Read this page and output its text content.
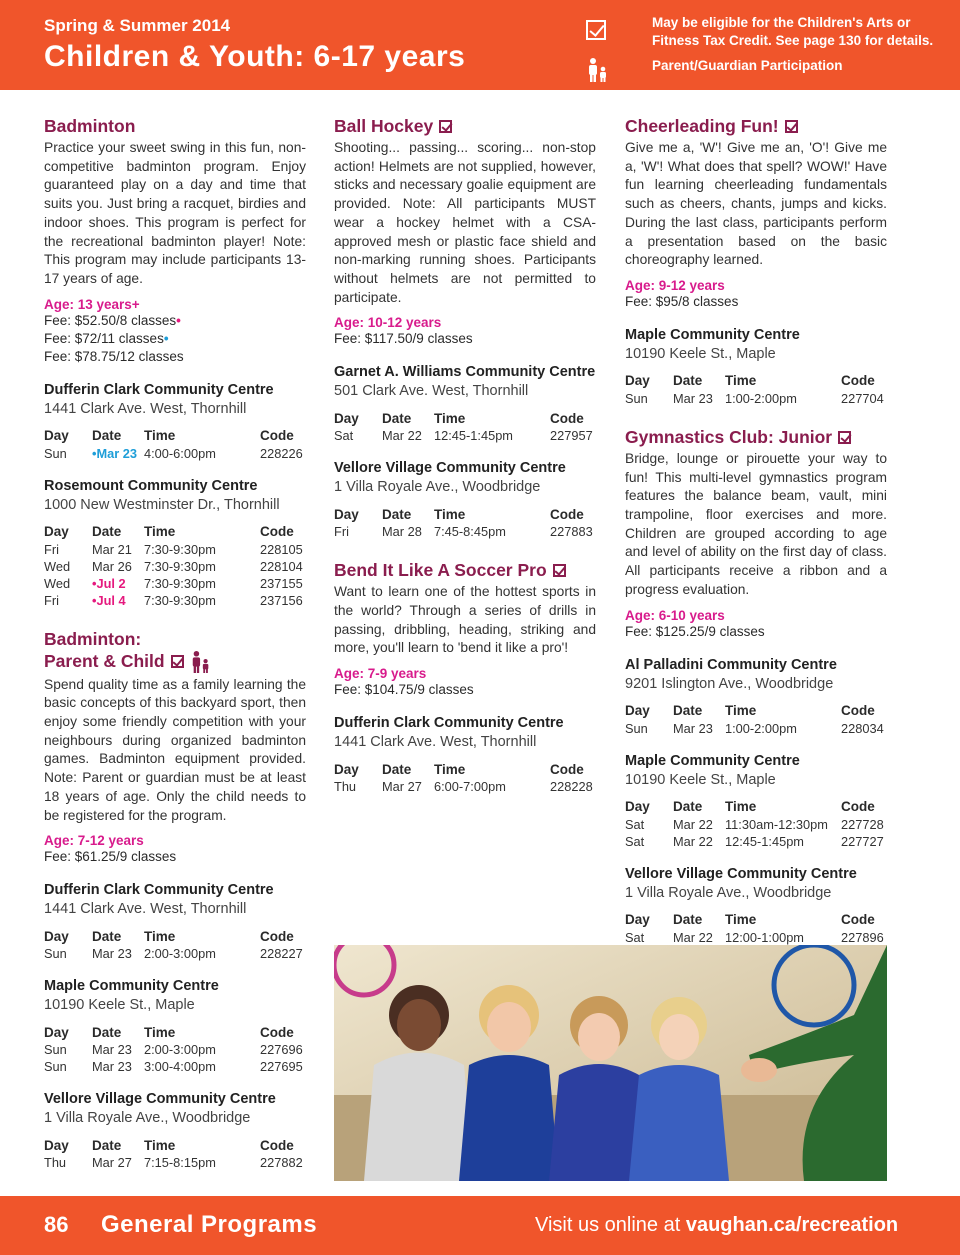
Spring & Summer 2014
Children & Youth: 6-17 years

May be eligible for the Children's Arts or Fitness Tax Credit. See page 130 for details.
Parent/Guardian Participation
Badminton
Practice your sweet swing in this fun, non-competitive badminton program. Enjoy guaranteed play on a day and time that suits you. Just bring a racquet, birdies and indoor shoes. This program is perfect for the recreational badminton player! Note: This program may include participants 13-17 years of age.
Age: 13 years+
Fee: $52.50/8 classes•
Fee: $72/11 classes•
Fee: $78.75/12 classes
Dufferin Clark Community Centre
1441 Clark Ave. West, Thornhill
Day	Date	Time	Code
Sun	•Mar 23	4:00-6:00pm	228226
Rosemount Community Centre
1000 New Westminster Dr., Thornhill
Day	Date	Time	Code
Fri	Mar 21	7:30-9:30pm	228105
Wed	Mar 26	7:30-9:30pm	228104
Wed	•Jul 2	7:30-9:30pm	237155
Fri	•Jul 4	7:30-9:30pm	237156
Badminton:
Parent & Child
Spend quality time as a family learning the basic concepts of this backyard sport, then enjoy some friendly competition with your neighbours during organized badminton games. Badminton equipment provided. Note: Parent or guardian must be at least 18 years of age. Only the child needs to be registered for the program.
Age: 7-12 years
Fee: $61.25/9 classes
Dufferin Clark Community Centre
1441 Clark Ave. West, Thornhill
Day	Date	Time	Code
Sun	Mar 23	2:00-3:00pm	228227
Maple Community Centre
10190 Keele St., Maple
Day	Date	Time	Code
Sun	Mar 23	2:00-3:00pm	227696
Sun	Mar 23	3:00-4:00pm	227695
Vellore Village Community Centre
1 Villa Royale Ave., Woodbridge
Day	Date	Time	Code
Thu	Mar 27	7:15-8:15pm	227882
Ball Hockey
Shooting... passing... scoring... non-stop action! Helmets are not supplied, however, sticks and necessary goalie equipment are provided. Note: All participants MUST wear a hockey helmet with a CSA-approved mesh or plastic face shield and non-marking running shoes. Participants without helmets are not permitted to participate.
Age: 10-12 years
Fee: $117.50/9 classes
Garnet A. Williams Community Centre
501 Clark Ave. West, Thornhill
Day	Date	Time	Code
Sat	Mar 22	12:45-1:45pm	227957
Vellore Village Community Centre
1 Villa Royale Ave., Woodbridge
Day	Date	Time	Code
Fri	Mar 28	7:45-8:45pm	227883
Bend It Like A Soccer Pro
Want to learn one of the hottest sports in the world? Through a series of drills in passing, dribbling, heading, striking and more, you'll learn to 'bend it like a pro'!
Age: 7-9 years
Fee: $104.75/9 classes
Dufferin Clark Community Centre
1441 Clark Ave. West, Thornhill
Day	Date	Time	Code
Thu	Mar 27	6:00-7:00pm	228228
Cheerleading Fun!
Give me a, 'W'! Give me an, 'O'! Give me a, 'W'! What does that spell? WOW!' Have fun learning cheerleading fundamentals such as cheers, chants, jumps and kicks. During the last class, participants perform a presentation based on the basic choreography learned.
Age: 9-12 years
Fee: $95/8 classes
Maple Community Centre
10190 Keele St., Maple
Day	Date	Time	Code
Sun	Mar 23	1:00-2:00pm	227704
Gymnastics Club: Junior
Bridge, lounge or pirouette your way to fun! This multi-level gymnastics program features the balance beam, vault, mini trampoline, floor exercises and more. Children are grouped according to age and level of ability on the first day of class. All participants receive a ribbon and a progress evaluation.
Age: 6-10 years
Fee: $125.25/9 classes
Al Palladini Community Centre
9201 Islington Ave., Woodbridge
Day	Date	Time	Code
Sun	Mar 23	1:00-2:00pm	228034
Maple Community Centre
10190 Keele St., Maple
Day	Date	Time	Code
Sat	Mar 22	11:30am-12:30pm	227728
Sat	Mar 22	12:45-1:45pm	227727
Vellore Village Community Centre
1 Villa Royale Ave., Woodbridge
Day	Date	Time	Code
Sat	Mar 22	12:00-1:00pm	227896
86 General Programs	Visit us online at vaughan.ca/recreation
